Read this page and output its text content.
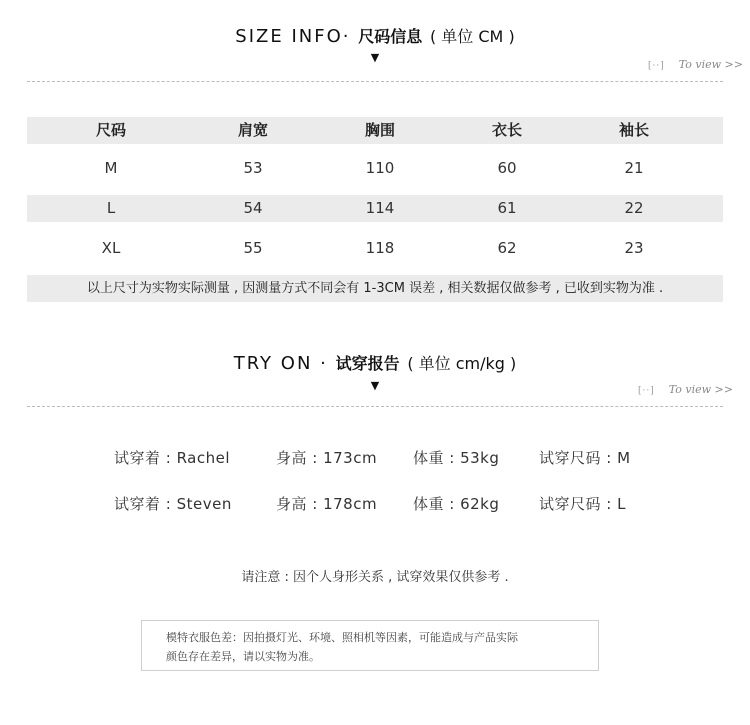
SIZE INFO· 尺码信息 ( 单位 CM )
▼
[··] To view >>
尺码	肩宽	胸围	衣长	袖长
M	53	110	60	21
L	54	114	61	22
XL	55	118	62	23
以上尺寸为实物实际测量 , 因测量方式不同会有 1-3CM 误差 , 相关数据仅做参考 , 已收到实物为准 .
TRY ON · 试穿报告 ( 单位 cm/kg )
▼	[··] To view >>
试穿着 : Rachel	身高 : 173cm 体重 : 53kg	试穿尺码 : M
试穿着 : Steven	身高 : 178cm 体重 : 62kg	试穿尺码 : L
请注意 : 因个人身形关系 , 试穿效果仅供参考 .

模特衣服色差：因拍摄灯光、环境、照相机等因素，可能造成与产品实际

颜色存在差异，请以实物为准。
